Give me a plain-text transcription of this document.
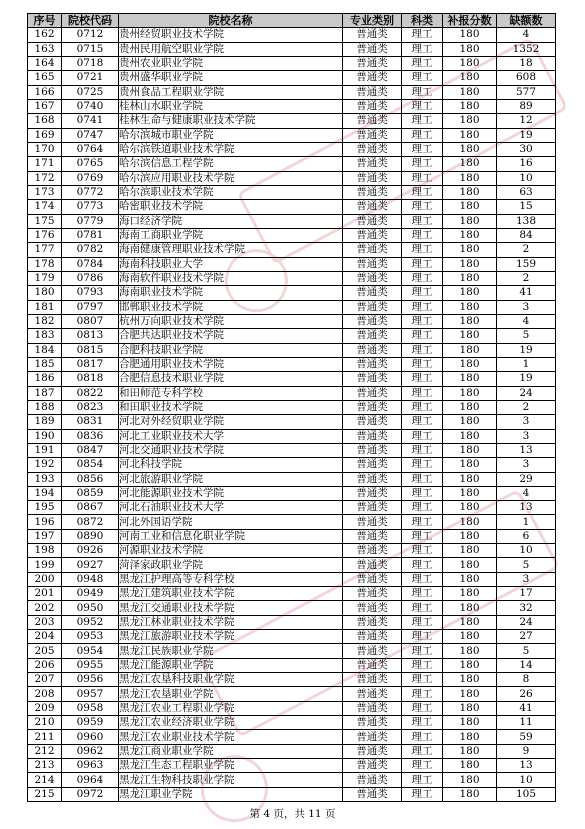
序号	院校代码	院校名称	专业类别	科类	补报分数	缺额数
162	0712	贵州经贸职业技术学院	普通类	理工	180	4
163	0715	贵州民用航空职业学院	普通类	理工	180	1352
164	0718	贵州农业职业学院	普通类	理工	180	18
165	0721	贵州盛华职业学院	普通类	理工	180	608
166	0725	贵州食品工程职业学院	普通类	理工	180	577
167	0740	桂林山水职业学院	普通类	理工	180	89
168	0741	桂林生命与健康职业技术学院	普通类	理工	180	12
169	0747	哈尔滨城市职业学院	普通类	理工	180	19
170	0764	哈尔滨铁道职业技术学院	普通类	理工	180	30
171	0765	哈尔滨信息工程学院	普通类	理工	180	16
172	0769	哈尔滨应用职业技术学院	普通类	理工	180	10
173	0772	哈尔滨职业技术学院	普通类	理工	180	63
174	0773	哈密职业技术学院	普通类	理工	180	15
175	0779	海口经济学院	普通类	理工	180	138
176	0781	海南工商职业学院	普通类	理工	180	84
177	0782	海南健康管理职业技术学院	普通类	理工	180	2
178	0784	海南科技职业大学	普通类	理工	180	159
179	0786	海南软件职业技术学院	普通类	理工	180	2
180	0793	海南职业技术学院	普通类	理工	180	41
181	0797	邯郸职业技术学院	普通类	理工	180	3
182	0807	杭州万向职业技术学院	普通类	理工	180	4
183	0813	合肥共达职业技术学院	普通类	理工	180	5
184	0815	合肥科技职业学院	普通类	理工	180	19
185	0817	合肥通用职业技术学院	普通类	理工	180	1
186	0818	合肥信息技术职业学院	普通类	理工	180	19
187	0822	和田师范专科学校	普通类	理工	180	24
188	0823	和田职业技术学院	普通类	理工	180	2
189	0831	河北对外经贸职业学院	普通类	理工	180	3
190	0836	河北工业职业技术大学	普通类	理工	180	3
191	0847	河北交通职业技术学院	普通类	理工	180	13
192	0854	河北科技学院	普通类	理工	180	3
193	0856	河北旅游职业学院	普通类	理工	180	29
194	0859	河北能源职业技术学院	普通类	理工	180	4
195	0867	河北石油职业技术大学	普通类	理工	180	13
196	0872	河北外国语学院	普通类	理工	180	1
197	0890	河南工业和信息化职业学院	普通类	理工	180	6
198	0926	河源职业技术学院	普通类	理工	180	10
199	0927	菏泽家政职业学院	普通类	理工	180	5
200	0948	黑龙江护理高等专科学校	普通类	理工	180	3
201	0949	黑龙江建筑职业技术学院	普通类	理工	180	17
202	0950	黑龙江交通职业技术学院	普通类	理工	180	32
203	0952	黑龙江林业职业技术学院	普通类	理工	180	24
204	0953	黑龙江旅游职业技术学院	普通类	理工	180	27
205	0954	黑龙江民族职业学院	普通类	理工	180	5
206	0955	黑龙江能源职业学院	普通类	理工	180	14
207	0956	黑龙江农垦科技职业学院	普通类	理工	180	8
208	0957	黑龙江农垦职业学院	普通类	理工	180	26
209	0958	黑龙江农业工程职业学院	普通类	理工	180	41
210	0959	黑龙江农业经济职业学院	普通类	理工	180	11
211	0960	黑龙江农业职业技术学院	普通类	理工	180	59
212	0962	黑龙江商业职业学院	普通类	理工	180	9
213	0963	黑龙江生态工程职业学院	普通类	理工	180	13
214	0964	黑龙江生物科技职业学院	普通类	理工	180	10
215	0972	黑龙江职业学院	普通类	理工	180	105
第 4 页，共 11 页
